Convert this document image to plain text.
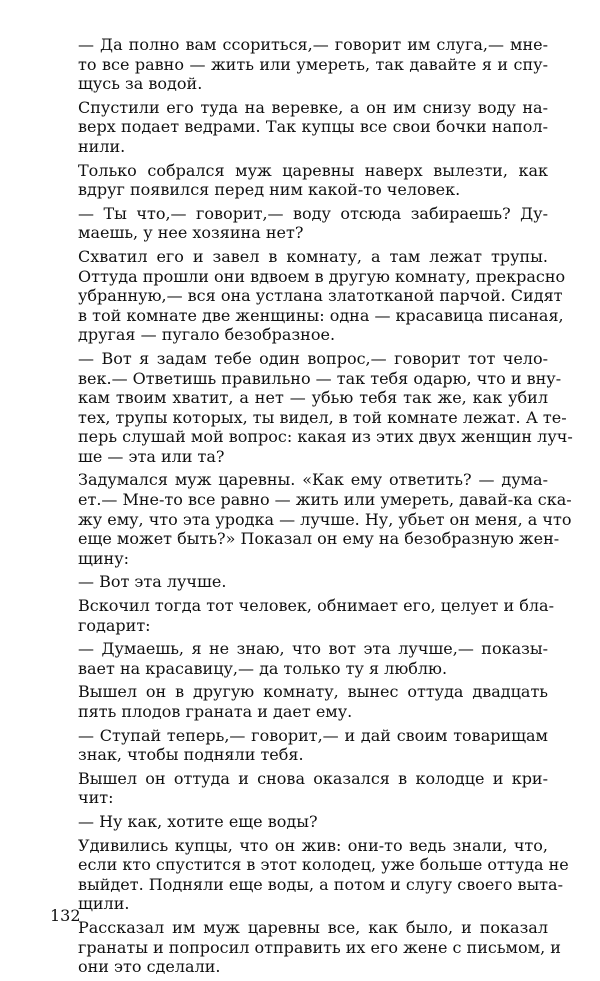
— Да полно вам ссориться,— говорит им слуга,— мне-
то все равно — жить или умереть, так давайте я и спу-
щусь за водой.
Спустили его туда на веревке, а он им снизу воду на-
верх подает ведрами. Так купцы все свои бочки напол-
нили.
Только собрался муж царевны наверх вылезти, как
вдруг появился перед ним какой-то человек.
— Ты что,— говорит,— воду отсюда забираешь? Ду-
маешь, у нее хозяина нет?
Схватил его и завел в комнату, а там лежат трупы.
Оттуда прошли они вдвоем в другую комнату, прекрасно
убранную,— вся она устлана златотканой парчой. Сидят
в той комнате две женщины: одна — красавица писаная,
другая — пугало безобразное.
— Вот я задам тебе один вопрос,— говорит тот чело-
век.— Ответишь правильно — так тебя одарю, что и вну-
кам твоим хватит, а нет — убью тебя так же, как убил
тех, трупы которых, ты видел, в той комнате лежат. А те-
перь слушай мой вопрос: какая из этих двух женщин луч-
ше — эта или та?
Задумался муж царевны. «Как ему ответить? — дума-
ет.— Мне-то все равно — жить или умереть, давай-ка ска-
жу ему, что эта уродка — лучше. Ну, убьет он меня, а что
еще может быть?» Показал он ему на безобразную жен-
щину:
— Вот эта лучше.
Вскочил тогда тот человек, обнимает его, целует и бла-
годарит:
— Думаешь, я не знаю, что вот эта лучше,— показы-
вает на красавицу,— да только ту я люблю.
Вышел он в другую комнату, вынес оттуда двадцать
пять плодов граната и дает ему.
— Ступай теперь,— говорит,— и дай своим товарищам
знак, чтобы подняли тебя.
Вышел он оттуда и снова оказался в колодце и кри-
чит:
— Ну как, хотите еще воды?
Удивились купцы, что он жив: они-то ведь знали, что,
если кто спустится в этот колодец, уже больше оттуда не
выйдет. Подняли еще воды, а потом и слугу своего выта-
щили.
Рассказал им муж царевны все, как было, и показал
гранаты и попросил отправить их его жене с письмом, и
они это сделали.
132
